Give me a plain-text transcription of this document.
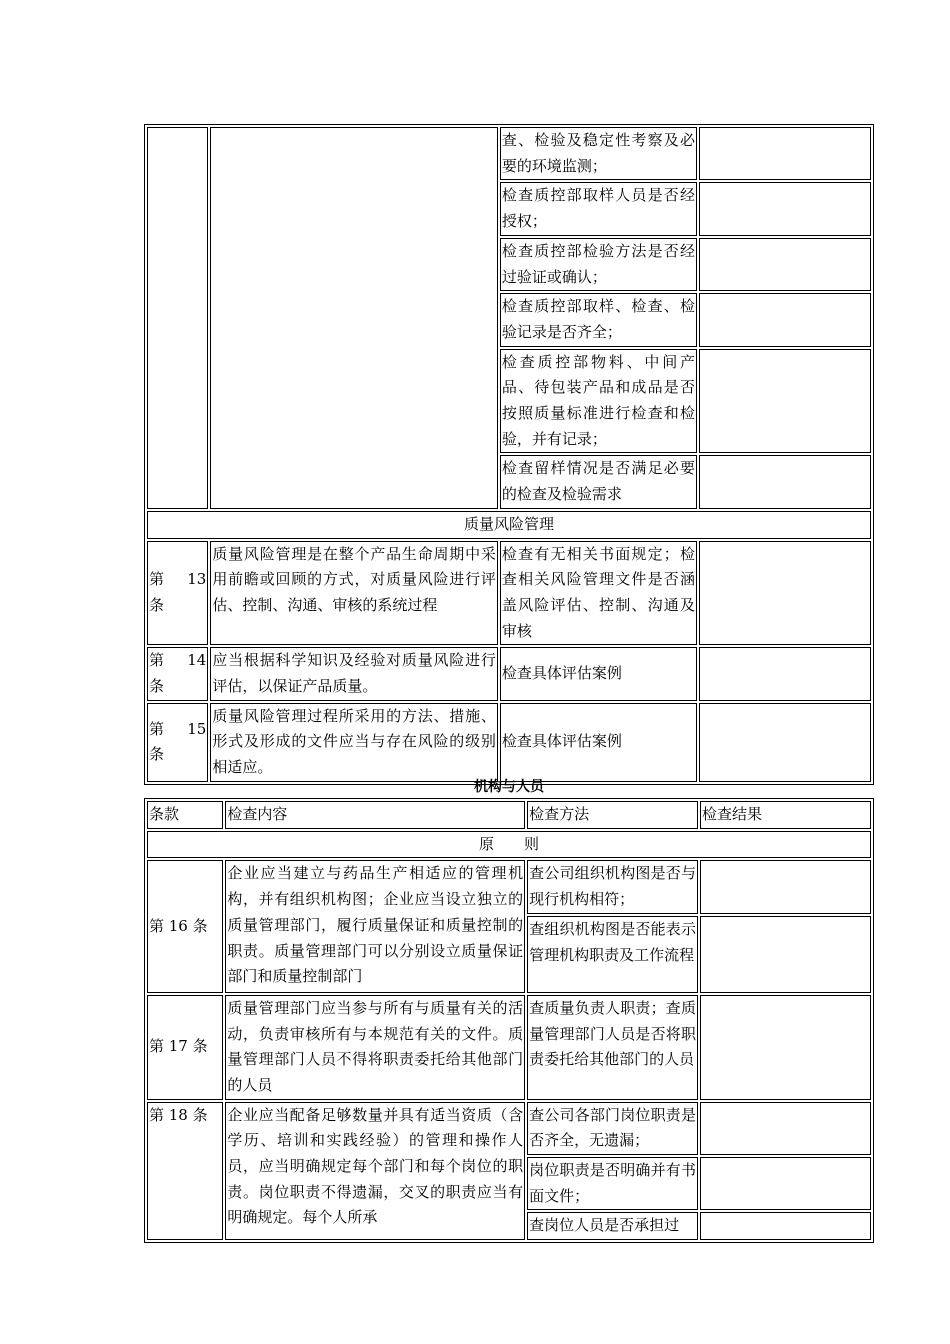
		查、检验及稳定性考察及必要的环境监测；	
		检查质控部取样人员是否经授权；	
		检查质控部检验方法是否经过验证或确认；	
		检查质控部取样、检查、检验记录是否齐全；	
		检查质控部物料、中间产品、待包装产品和成品是否按照质量标准进行检查和检验，并有记录；	
		检查留样情况是否满足必要的检查及检验需求	
质量风险管理			
第 13 条	质量风险管理是在整个产品生命周期中采用前瞻或回顾的方式，对质量风险进行评估、控制、沟通、审核的系统过程	检查有无相关书面规定；检查相关风险管理文件是否涵盖风险评估、控制、沟通及审核	
第 14 条	应当根据科学知识及经验对质量风险进行评估，以保证产品质量。	检查具体评估案例	
第 15 条	质量风险管理过程所采用的方法、措施、形式及形成的文件应当与存在风险的级别相适应。	检查具体评估案例	
机构与人员
条款	检查内容	检查方法	检查结果
原　　则			
第 16 条	企业应当建立与药品生产相适应的管理机构，并有组织机构图；企业应当设立独立的质量管理部门，履行质量保证和质量控制的职责。质量管理部门可以分别设立质量保证部门和质量控制部门	查公司组织机构图是否与现行机构相符；	
		查组织机构图是否能表示管理机构职责及工作流程	
第 17 条	质量管理部门应当参与所有与质量有关的活动，负责审核所有与本规范有关的文件。质量管理部门人员不得将职责委托给其他部门的人员	查质量负责人职责；查质量管理部门人员是否将职责委托给其他部门的人员	
第 18 条	企业应当配备足够数量并具有适当资质（含学历、培训和实践经验）的管理和操作人员，应当明确规定每个部门和每个岗位的职责。岗位职责不得遗漏，交叉的职责应当有明确规定。每个人所承	查公司各部门岗位职责是否齐全，无遗漏；	
		岗位职责是否明确并有书面文件；	
		查岗位人员是否承担过	
